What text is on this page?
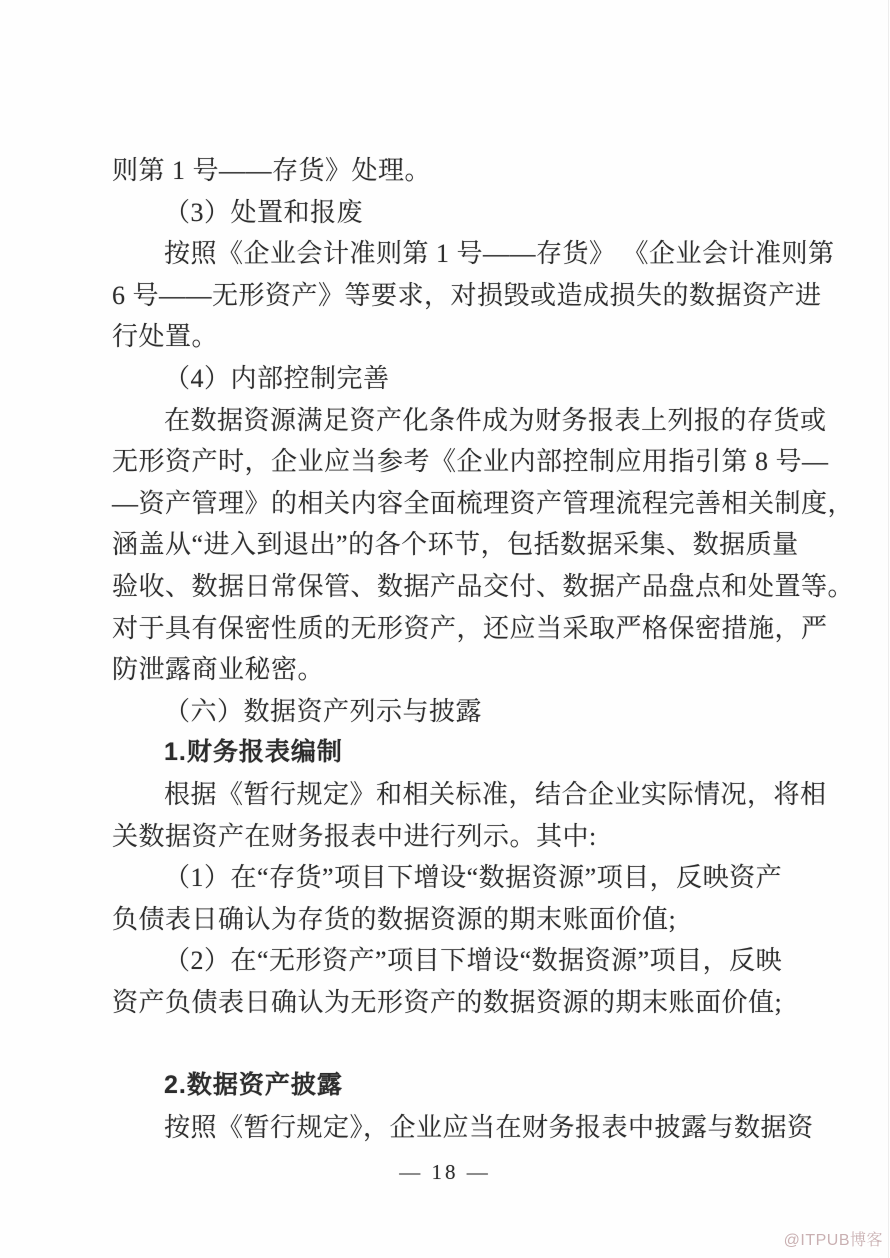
则第 1 号——存货》处理。

（3）处置和报废

按照《企业会计准则第 1 号——存货》 《企业会计准则第

6 号——无形资产》等要求，对损毁或造成损失的数据资产进

行处置。

（4）内部控制完善

在数据资源满足资产化条件成为财务报表上列报的存货或

无形资产时，企业应当参考《企业内部控制应用指引第 8 号—

—资产管理》的相关内容全面梳理资产管理流程完善相关制度，

涵盖从“进入到退出”的各个环节，包括数据采集、数据质量

验收、数据日常保管、数据产品交付、数据产品盘点和处置等。

对于具有保密性质的无形资产，还应当采取严格保密措施，严

防泄露商业秘密。

（六）数据资产列示与披露

1.财务报表编制

根据《暂行规定》和相关标准，结合企业实际情况，将相

关数据资产在财务报表中进行列示。其中:

（1）在“存货”项目下增设“数据资源”项目，反映资产

负债表日确认为存货的数据资源的期末账面价值;

（2）在“无形资产”项目下增设“数据资源”项目，反映

资产负债表日确认为无形资产的数据资源的期末账面价值;

2.数据资产披露

按照《暂行规定》，企业应当在财务报表中披露与数据资

— 18 —
@ITPUB博客
